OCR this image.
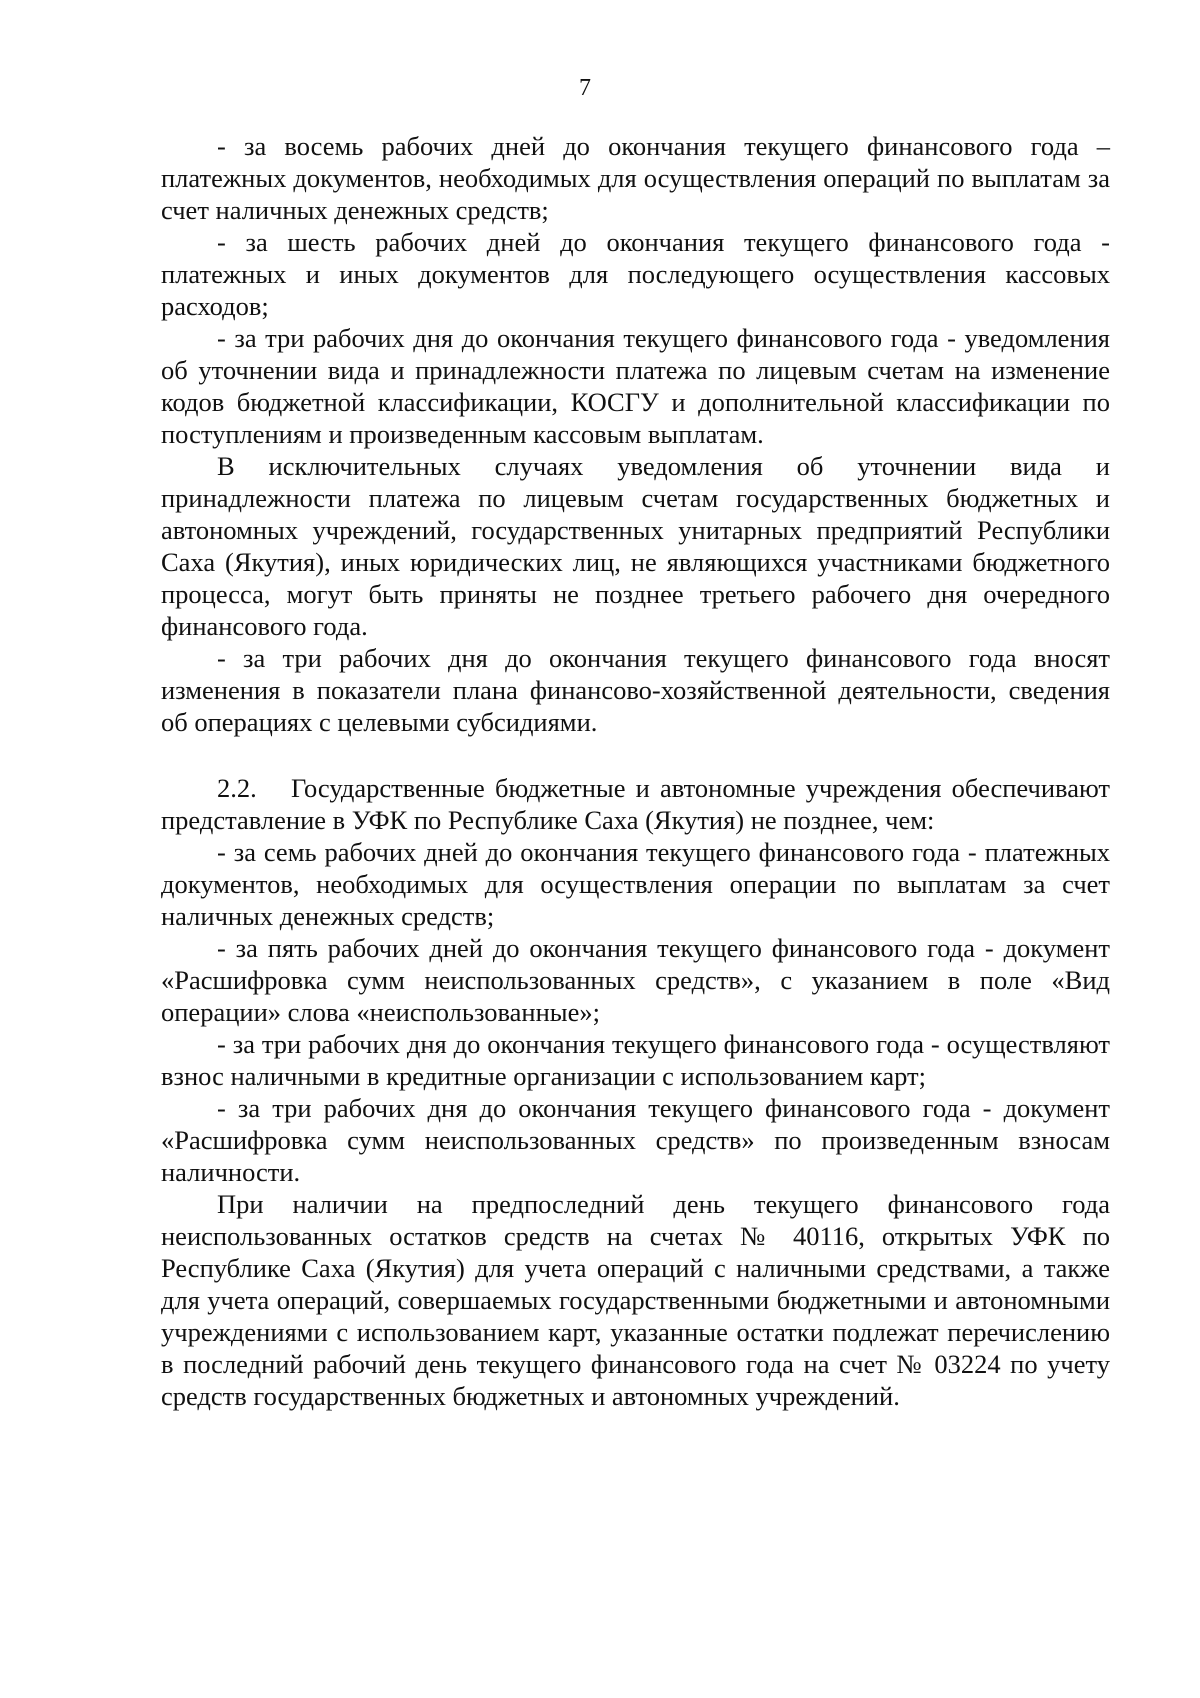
7

- за восемь рабочих дней до окончания текущего финансового года – платежных документов, необходимых для осуществления операций по выплатам за счет наличных денежных средств;

- за шесть рабочих дней до окончания текущего финансового года - платежных и иных документов для последующего осуществления кассовых расходов;

- за три рабочих дня до окончания текущего финансового года - уведомления об уточнении вида и принадлежности платежа по лицевым счетам на изменение кодов бюджетной классификации, КОСГУ и дополнительной классификации по поступлениям и произведенным кассовым выплатам.

В исключительных случаях уведомления об уточнении вида и принадлежности платежа по лицевым счетам государственных бюджетных и автономных учреждений, государственных унитарных предприятий Республики Саха (Якутия), иных юридических лиц, не являющихся участниками бюджетного процесса, могут быть приняты не позднее третьего рабочего дня очередного финансового года.

- за три рабочих дня до окончания текущего финансового года вносят изменения в показатели плана финансово-хозяйственной деятельности, сведения об операциях с целевыми субсидиями.

2.2. Государственные бюджетные и автономные учреждения обеспечивают представление в УФК по Республике Саха (Якутия) не позднее, чем:

- за семь рабочих дней до окончания текущего финансового года - платежных документов, необходимых для осуществления операции по выплатам за счет наличных денежных средств;

- за пять рабочих дней до окончания текущего финансового года - документ «Расшифровка сумм неиспользованных средств», с указанием в поле «Вид операции» слова «неиспользованные»;

- за три рабочих дня до окончания текущего финансового года - осуществляют взнос наличными в кредитные организации с использованием карт;

- за три рабочих дня до окончания текущего финансового года - документ «Расшифровка сумм неиспользованных средств» по произведенным взносам наличности.

При наличии на предпоследний день текущего финансового года неиспользованных остатков средств на счетах № 40116, открытых УФК по Республике Саха (Якутия) для учета операций с наличными средствами, а также для учета операций, совершаемых государственными бюджетными и автономными учреждениями с использованием карт, указанные остатки подлежат перечислению в последний рабочий день текущего финансового года на счет № 03224 по учету средств государственных бюджетных и автономных учреждений.
